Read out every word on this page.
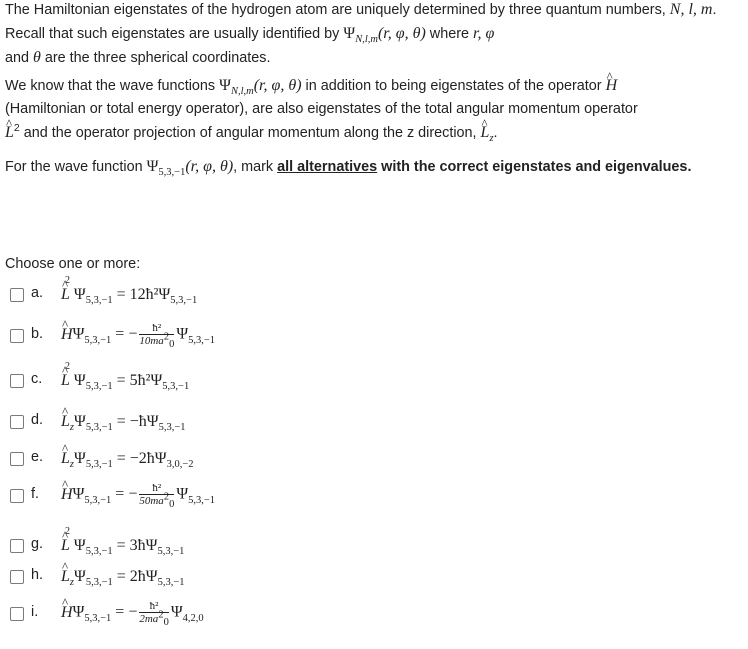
The Hamiltonian eigenstates of the hydrogen atom are uniquely determined by three quantum numbers, N, l, m. Recall that such eigenstates are usually identified by $\Psi_{N,l,m}(r$, φ, θ) where r, φ
and θ are the three spherical coordinates.

We know that the wave functions $\Psi_{N,l,m}(r$, φ, θ) in addition to being eigenstates of the operator ^ H
(Hamiltonian or total energy operator), are also eigenstates of the total angular momentum operator
^ $L^2$ and the operator projection of angular momentum along the z direction, ^ $L_z$.

For the wave function $\Psi_{5,3,-1}(r$, φ, θ), mark all alternatives with the correct eigenstates and eigenvalues.

Choose one or more:

a. ^ L
2
$\Psi_{5,3,-1}$ = $12ħ^2\Psi_{5,3,-1}$
b. ^ $H\Psi_{5,3,-1}$ = − $\frac{\text{ħ²}}{10ma^2_0} \Psi_{5,3,-1}$
c. ^ L
2
$\Psi_{5,3,-1}$ = $5ħ^2\Psi_{5,3,-1}$
d. ^ $L_z\Psi_{5,3,-1}$ = $-ħ\Psi_{5,3,-1}$
e. ^ $L_z\Psi_{5,3,-1}$ = $-2ħ\Psi_{3,0,-2}$
f. ^ $H\Psi_{5,3,-1}$ = − $\frac{\text{ħ²}}{50ma^2_0} \Psi_{5,3,-1}$
g. ^ L
2
$\Psi_{5,3,-1}$ = $3ħ\Psi_{5,3,-1}$
h. ^ $L_z\Psi_{5,3,-1}$ = $2ħ\Psi_{5,3,-1}$
i. ^ $H\Psi_{5,3,-1}$ = − $\frac{\text{ħ²}}{2ma^2_0} \Psi_{4,2,0}$
